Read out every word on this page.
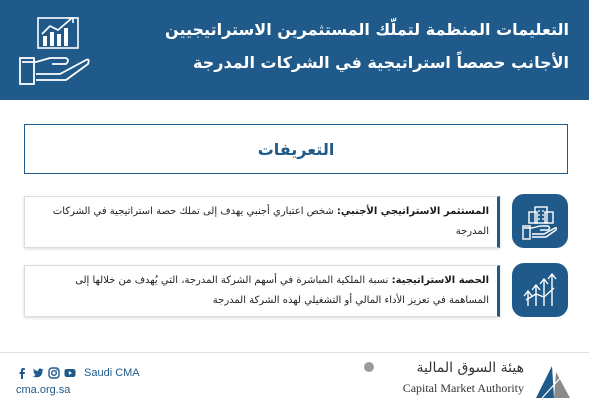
التعليمات المنظمة لتملّك المستثمرين الاستراتيجيين
الأجانب حصصاً استراتيجية في الشركات المدرجة
التعريفات
المستثمر الاستراتيجي الأجنبي: شخص اعتباري أجنبي يهدف إلى تملك حصة استراتيجية في الشركات المدرجة
الحصة الاستراتيجية: نسبة الملكية المباشرة في أسهم الشركة المدرجة، التي يُهدف من خلالها إلى المساهمة في تعزيز الأداء المالي أو التشغيلي لهذه الشركة المدرجة
Saudi CMA
cma.org.sa
هيئة السوق المالية
Capital Market Authority
